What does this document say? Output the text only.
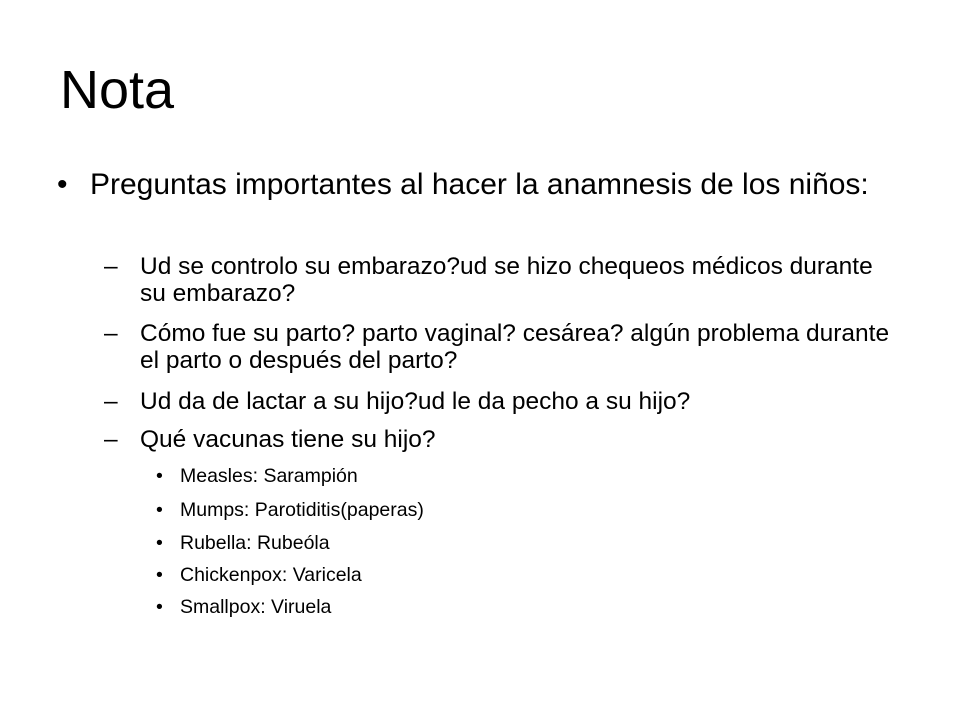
Nota
• Preguntas importantes al hacer la anamnesis de los niños:
– Ud se controlo su embarazo?ud se hizo chequeos médicos durante su embarazo?
– Cómo fue su parto? parto vaginal? cesárea? algún problema durante el parto o después del parto?
– Ud da de lactar a su hijo?ud le da pecho a su hijo?
– Qué vacunas tiene su hijo?
• Measles: Sarampión
• Mumps: Parotiditis(paperas)
• Rubella: Rubeóla
• Chickenpox: Varicela
• Smallpox: Viruela
